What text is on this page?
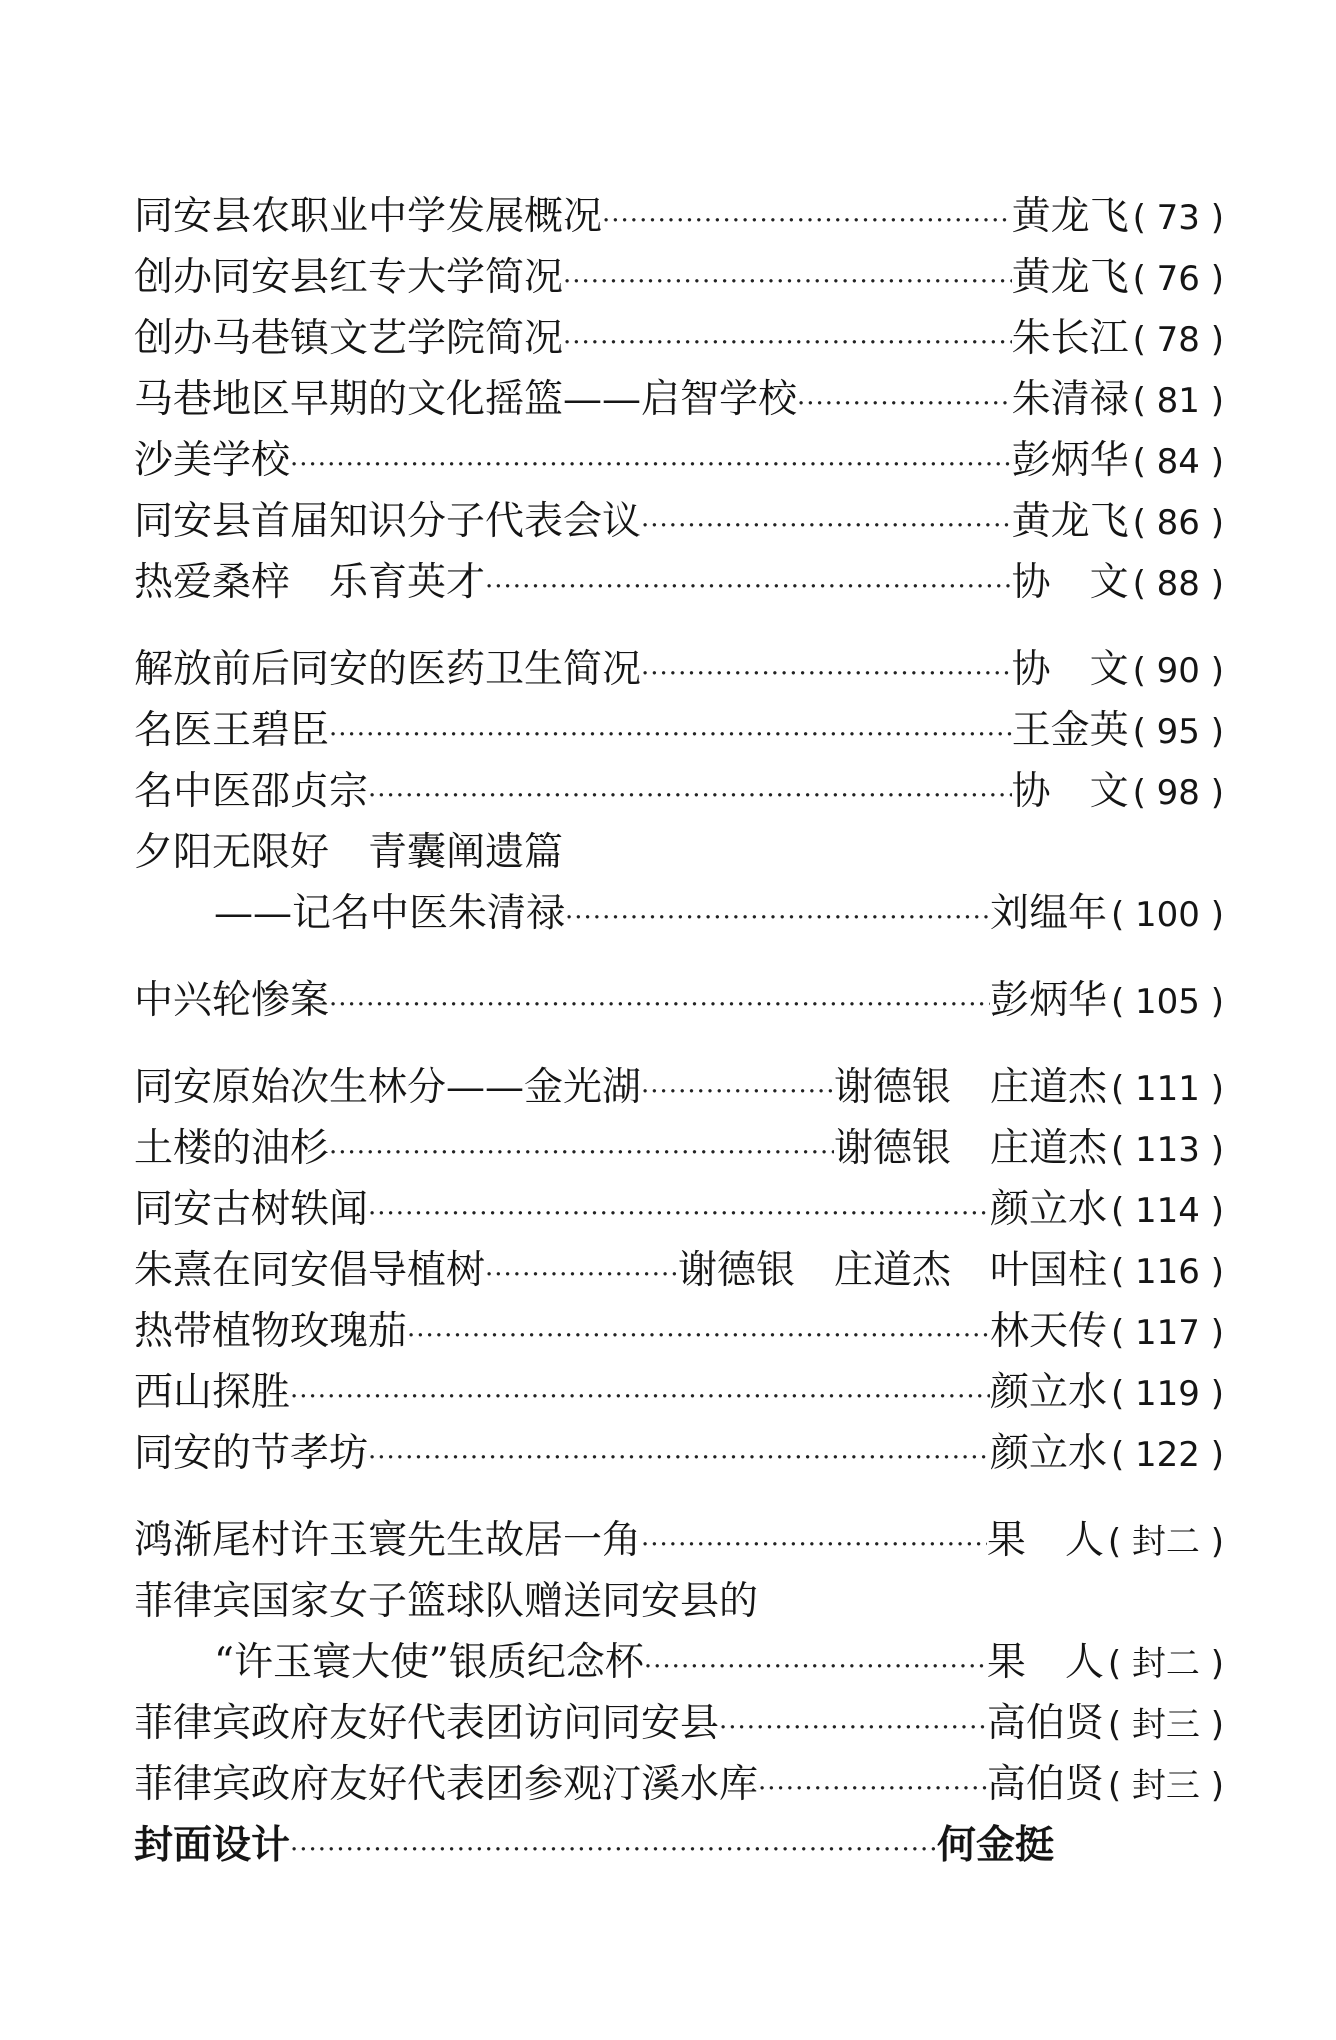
同安县农职业中学发展概况 ·····	黄龙飞 ( 73 )
创办同安县红专大学简况 ·····	黄龙飞 ( 76 )
创办马巷镇文艺学院简况 ·····	朱长江 ( 78 )
马巷地区早期的文化摇篮——启智学校 ·····	朱清禄 ( 81 )
沙美学校 ·····	彭炳华 ( 84 )
同安县首届知识分子代表会议 ·····	黄龙飞 ( 86 )
热爱桑梓　乐育英才 ·····	协　文 ( 88 )
解放前后同安的医药卫生简况 ·····	协　文 ( 90 )
名医王碧臣 ·····	王金英 ( 95 )
名中医邵贞宗 ·····	协　文 ( 98 )
夕阳无限好　青囊阐遗篇
——记名中医朱清禄 ·····	刘缊年 ( 100 )
中兴轮惨案 ·····	彭炳华 ( 105 )
同安原始次生林分——金光湖 ·····	谢德银　庄道杰 ( 111 )
土楼的油杉 ·····	谢德银　庄道杰 ( 113 )
同安古树轶闻 ·····	颜立水 ( 114 )
朱熹在同安倡导植树 ·····	谢德银　庄道杰　叶国柱 ( 116 )
热带植物玫瑰茄 ·····	林天传 ( 117 )
西山探胜 ·····	颜立水 ( 119 )
同安的节孝坊 ·····	颜立水 ( 122 )
鸿渐尾村许玉寰先生故居一角 ·····	果　人 ( 封二 )
菲律宾国家女子篮球队赠送同安县的
“许玉寰大使”银质纪念杯 ·····	果　人 ( 封二 )
菲律宾政府友好代表团访问同安县 ·····	高伯贤 ( 封三 )
菲律宾政府友好代表团参观汀溪水库 ·····	高伯贤 ( 封三 )
封面设计 ·····	何金挺
